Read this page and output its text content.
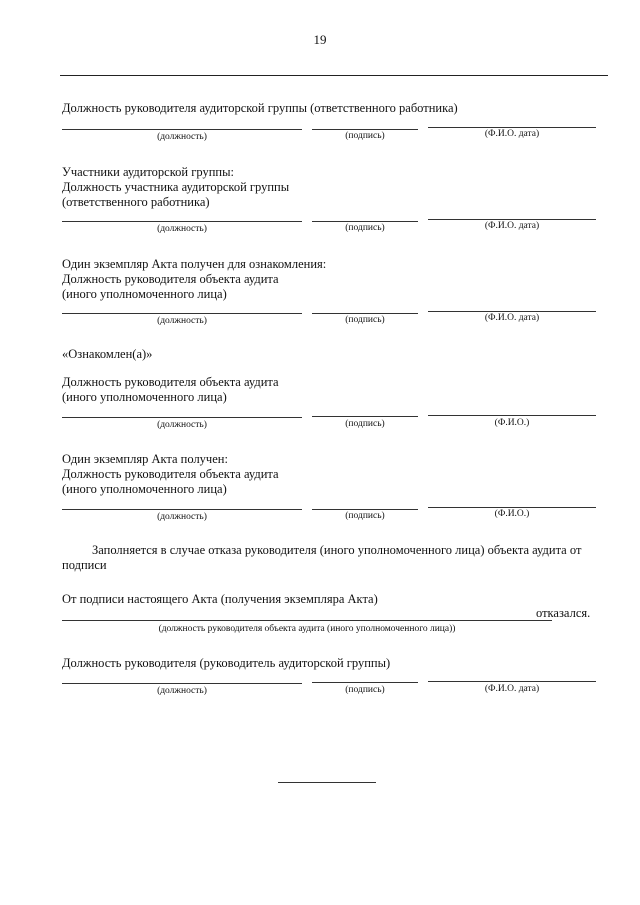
19
Должность руководителя аудиторской группы (ответственного работника)
(должность)	(подпись)	(Ф.И.О. дата)
Участники аудиторской группы:
Должность участника аудиторской группы
(ответственного работника)
(должность)	(подпись)	(Ф.И.О. дата)
Один экземпляр Акта получен для ознакомления:
Должность руководителя объекта аудита
(иного уполномоченного лица)
(должность)	(подпись)	(Ф.И.О. дата)
«Ознакомлен(а)»
Должность руководителя объекта аудита
(иного уполномоченного лица)
(должность)	(подпись)	(Ф.И.О.)
Один экземпляр Акта получен:
Должность руководителя объекта аудита
(иного уполномоченного лица)
(должность)	(подпись)	(Ф.И.О.)
Заполняется в случае отказа руководителя (иного уполномоченного лица) объекта аудита от
подписи
От подписи настоящего Акта (получения экземпляра Акта)
отказался.
(должность руководителя объекта аудита (иного уполномоченного лица))
Должность руководителя (руководитель аудиторской группы)
(должность)	(подпись)	(Ф.И.О. дата)
